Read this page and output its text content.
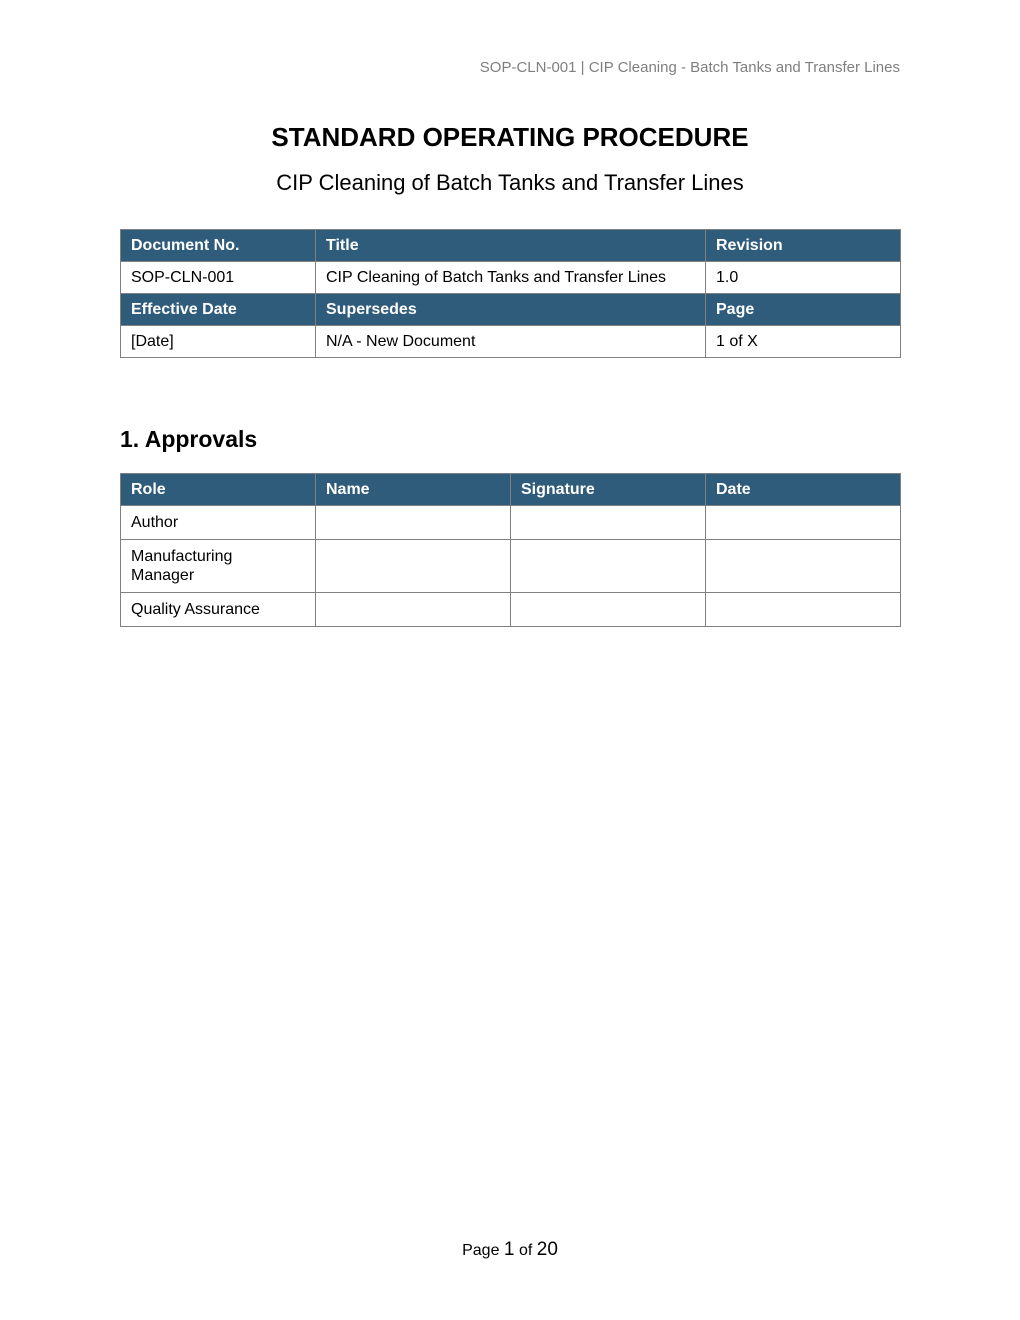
SOP-CLN-001 | CIP Cleaning - Batch Tanks and Transfer Lines
STANDARD OPERATING PROCEDURE
CIP Cleaning of Batch Tanks and Transfer Lines
Document No.	Title	Revision
SOP-CLN-001	CIP Cleaning of Batch Tanks and Transfer Lines	1.0
Effective Date	Supersedes	Page
[Date]	N/A - New Document	1 of X
1. Approvals
Role	Name	Signature	Date
Author			
Manufacturing Manager			
Quality Assurance			
Page 1 of 20
